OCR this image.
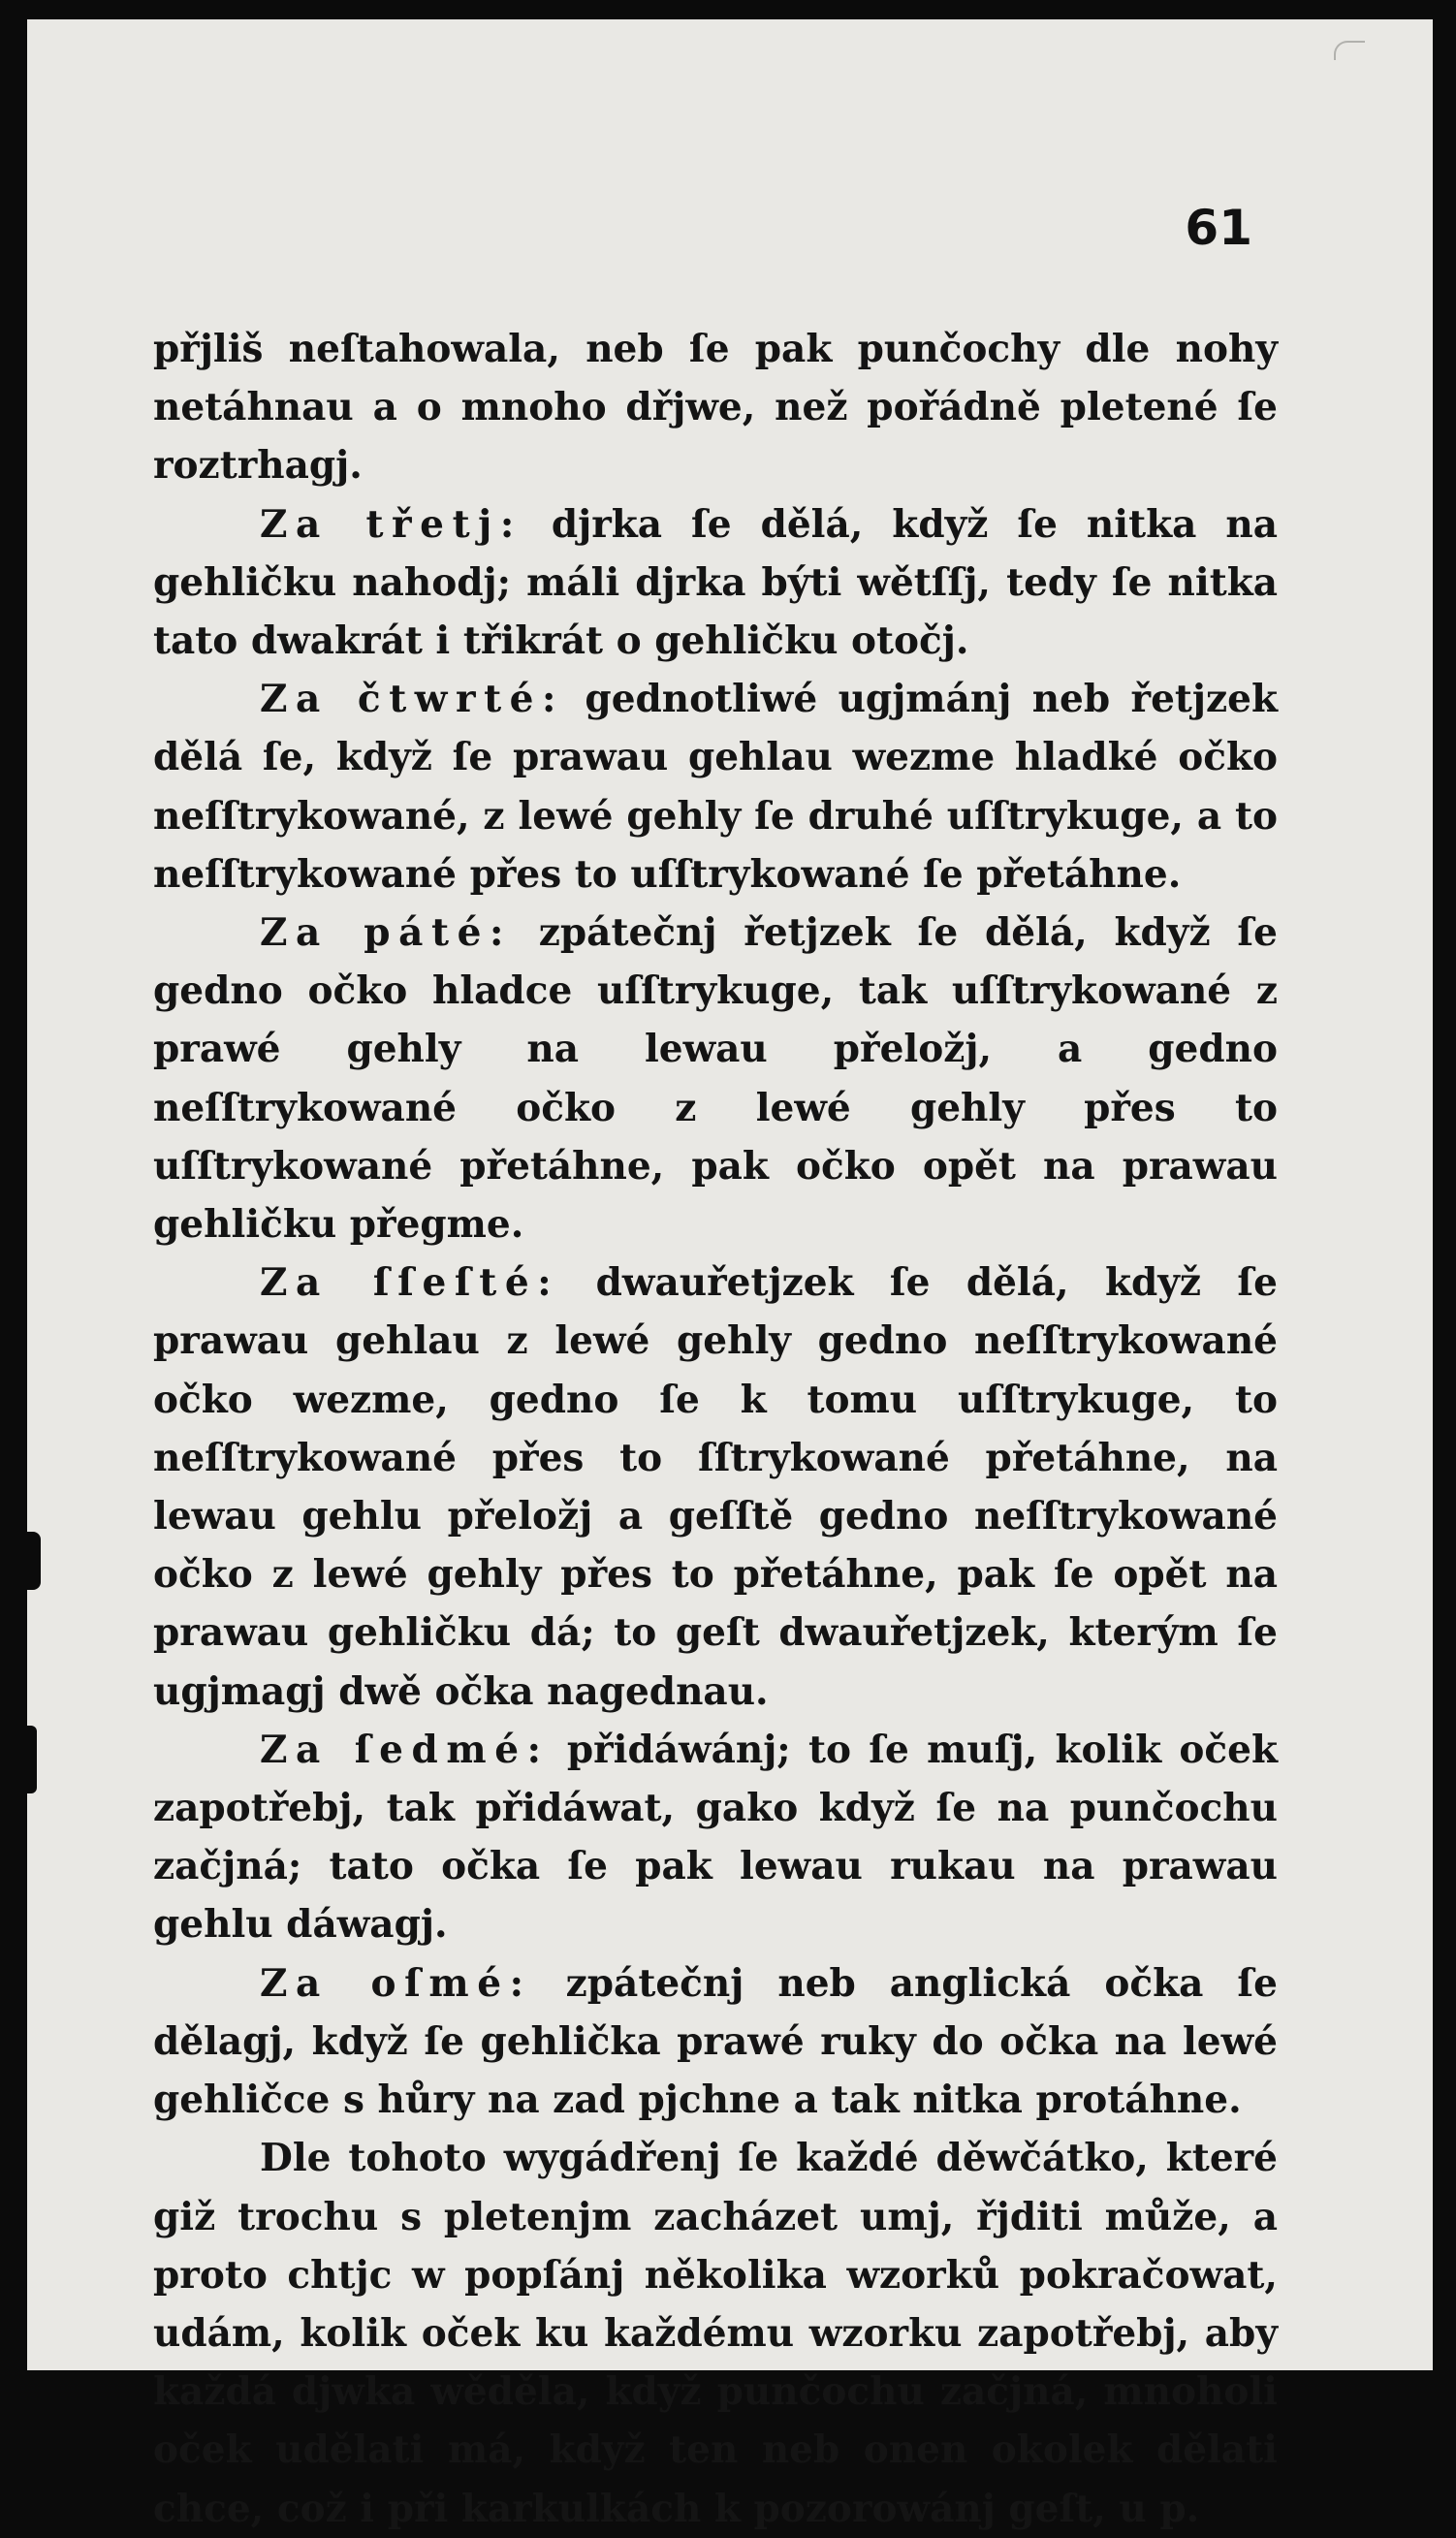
61

přjliš neſtahowala, neb ſe pak punčochy dle nohy netáhnau a o mnoho dřjwe, než pořádně pletené ſe roztrhagj.

Za třetj: djrka ſe dělá, když ſe nitka na gehličku nahodj; máli djrka býti wětſſj, tedy ſe nitka tato dwakrát i třikrát o gehličku otočj.

Za čtwrté: gednotliwé ugjmánj neb řetjzek dělá ſe, když ſe prawau gehlau wezme hladké očko neſſtrykowané, z lewé gehly ſe druhé uſſtrykuge, a to neſſtrykowané přes to uſſtrykowané ſe přetáhne.

Za páté: zpátečnj řetjzek ſe dělá, když ſe gedno očko hladce uſſtrykuge, tak uſſtrykowané z prawé gehly na lewau přeložj, a gedno neſſtrykowané očko z lewé gehly přes to uſſtrykowané přetáhne, pak očko opět na prawau gehličku přegme.

Za ſſeſté: dwauřetjzek ſe dělá, když ſe prawau gehlau z lewé gehly gedno neſſtrykowané očko wezme, gedno ſe k tomu uſſtrykuge, to neſſtrykowané přes to ſſtrykowané přetáhne, na lewau gehlu přeložj a geſſtě gedno neſſtrykowané očko z lewé gehly přes to přetáhne, pak ſe opět na prawau gehličku dá; to geſt dwauřetjzek, kterým ſe ugjmagj dwě očka nagednau.

Za ſedmé: přidáwánj; to ſe muſj, kolik oček zapotřebj, tak přidáwat, gako když ſe na punčochu začjná; tato očka ſe pak lewau rukau na prawau gehlu dáwagj.

Za oſmé: zpátečnj neb anglická očka ſe dělagj, když ſe gehlička prawé ruky do očka na lewé gehličce s hůry na zad pjchne a tak nitka protáhne.

Dle tohoto wygádřenj ſe každé děwčátko, které giž trochu s pletenjm zacházet umj, řjditi může, a proto chtjc w popſánj několika wzorků pokračowat, udám, kolik oček ku každému wzorku zapotřebj, aby každá djwka wěděla, když punčochu začjná, mnoholi oček udělati má, když ten neb onen okolek dělati chce, což i při karkulkách k pozorowánj geſt, u p.
